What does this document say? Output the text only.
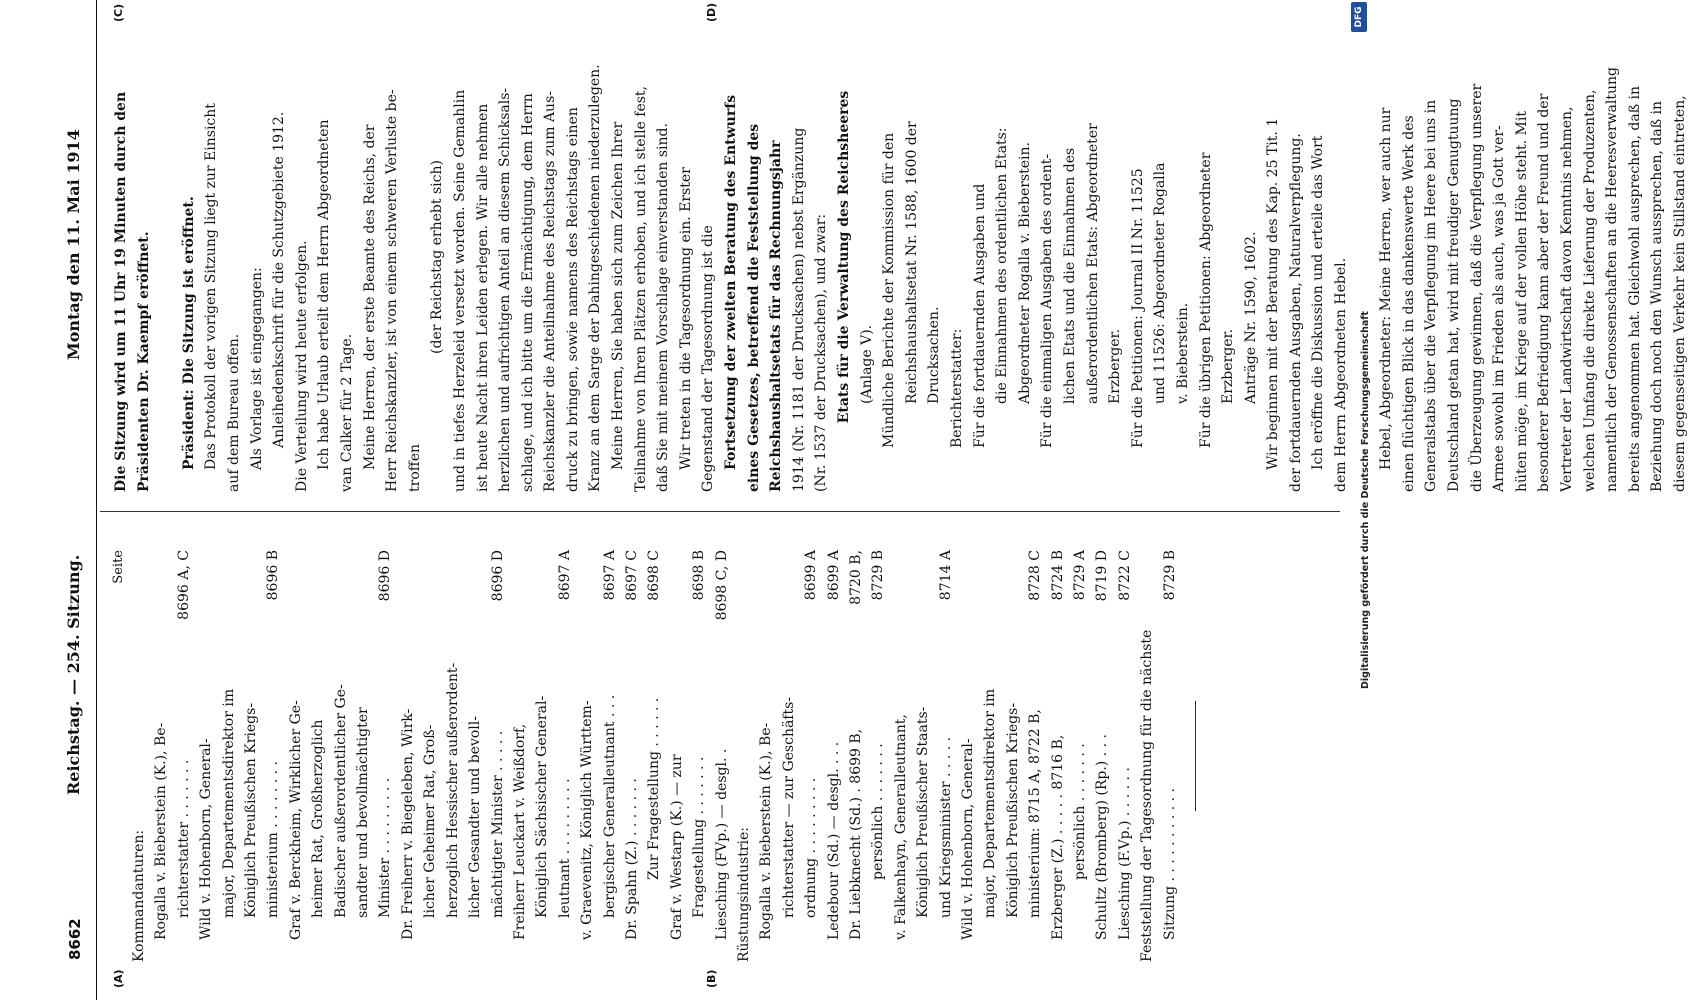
8662
Reichstag. — 254. Sitzung.
Montag den 11. Mai 1914
(A)	(B)
(C)	(D)
Seite
Kommandanturen: Rogalla v. Bieberstein (K.), Be- richterstatter . . . . . . .
8696 A, C
Wild v. Hohenborn, General- major, Departementsdirektor im Königlich Preußischen Kriegs- ministerium . . . . . . . .
8696 B
Graf v. Berckheim, Wirklicher Ge- heimer Rat, Großherzoglich Badischer außerordentlicher Ge- sandter und bevollmächtigter Minister . . . . . . . . .
8696 D
Dr. Freiherr v. Biegeleben, Wirk- licher Geheimer Rat, Groß- herzoglich Hessischer außerordent- licher Gesandter und bevoll- mächtigter Minister . . . . .
8696 D
Freiherr Leuckart v. Weißdorf, Königlich Sächsischer General- leutnant . . . . . . . . .
8697 A
v. Graevenitz, Königlich Württem- bergischer Generalleutnant . . .
8697 A
Dr. Spahn (Z.) . . . . . . .
8697 C
Zur Fragestellung . . . . . .
8698 C
Graf v. Westarp (K.) — zur Fragestellung . . . . . . .
8698 B
Liesching (FVp.) — desgl. .
8698 C, D
Rüstungsindustrie: Rogalla v. Bieberstein (K.), Be- richterstatter — zur Geschäfts- ordnung . . . . . . . . .
8699 A
Ledebour (Sd.) — desgl. . . .
8699 A
Dr. Liebknecht (Sd.) . 8699 B,
8720 B,
persönlich . . . . . . .
8729 B
v. Falkenhayn, Generalleutnant, Königlich Preußischer Staats- und Kriegsminister . . . . .
8714 A
Wild v. Hohenborn, General- major, Departementsdirektor im Königlich Preußischen Kriegs- ministerium: 8715 A, 8722 B,
8728 C
Erzberger (Z.) . . . . . 8716 B,
8724 B
persönlich . . . . . . .
8729 A
Schultz (Bromberg) (Rp.) . . .
8719 D
Liesching (F.Vp.) . . . . . .
8722 C
Feststellung der Tagesordnung für die nächste Sitzung . . . . . . . . . . .
8729 B
Die Sitzung wird um 11 Uhr 19 Minuten durch den Präsidenten Dr. Kaempf eröffnet.
Präsident: Die Sitzung ist eröffnet. Das Protokoll der vorigen Sitzung liegt zur Einsicht auf dem Bureau offen. Als Vorlage ist eingegangen: Anleihedenkschrift für die Schutzgebiete 1912. Die Verteilung wird heute erfolgen. Ich habe Urlaub erteilt dem Herrn Abgeordneten van Calker für 2 Tage. Meine Herren, der erste Beamte des Reichs, der Herr Reichskanzler, ist von einem schweren Verluste be- troffen
(der Reichstag erhebt sich) und in tiefes Herzeleid versetzt worden. Seine Gemahlin ist heute Nacht ihren Leiden erlegen. Wir alle nehmen herzlichen und aufrichtigen Anteil an diesem Schicksals- schlage, und ich bitte um die Ermächtigung, dem Herrn Reichskanzler die Anteilnahme des Reichstags zum Aus- druck zu bringen, sowie namens des Reichstags einen Kranz an dem Sarge der Dahingeschiedenen niederzulegen. Meine Herren, Sie haben sich zum Zeichen Ihrer Teilnahme von Ihren Plätzen erhoben, und ich stelle fest, daß Sie mit meinem Vorschlage einverstanden sind. Wir treten in die Tagesordnung ein. Erster Gegenstand der Tagesordnung ist die Fortsetzung der zweiten Beratung des Entwurfs eines Gesetzes, betreffend die Feststellung des Reichshaushaltsetats für das Rechnungsjahr 1914 (Nr. 1181 der Drucksachen) nebst Ergänzung (Nr. 1537 der Drucksachen), und zwar: Etats für die Verwaltung des Reichsheeres (Anlage V). Mündliche Berichte der Kommission für den Reichshaushaltsetat Nr. 1588, 1600 der Drucksachen. Berichterstatter: Für die fortdauernden Ausgaben und die Einnahmen des ordentlichen Etats: Abgeordneter Rogalla v. Bieberstein. Für die einmaligen Ausgaben des ordent- lichen Etats und die Einnahmen des außerordentlichen Etats: Abgeordneter Erzberger. Für die Petitionen: Journal II Nr. 11525 und 11526: Abgeordneter Rogalla v. Bieberstein. Für die übrigen Petitionen: Abgeordneter Erzberger. Anträge Nr. 1590, 1602. Wir beginnen mit der Beratung des Kap. 25 Tit. 1 der fortdauernden Ausgaben, Naturalverpflegung. Ich eröffne die Diskussion und erteile das Wort dem Herrn Abgeordneten Hebel.
Hebel, Abgeordneter: Meine Herren, wer auch nur einen flüchtigen Blick in das dankenswerte Werk des Generalstabs über die Verpflegung im Heere bei uns in Deutschland getan hat, wird mit freudiger Genugtuung die Überzeugung gewinnen, daß die Verpflegung unserer Armee sowohl im Frieden als auch, was ja Gott ver- hüten möge, im Kriege auf der vollen Höhe steht. Mit besonderer Befriedigung kann aber der Freund und der Vertreter der Landwirtschaft davon Kenntnis nehmen, welchen Umfang die direkte Lieferung der Produzenten, namentlich der Genossenschaften an die Heeresverwaltung bereits angenommen hat. Gleichwohl ausprechen, daß in Beziehung doch noch den Wunsch aussprechen, daß in diesem gegenseitigen Verkehr kein Stillstand eintreten,
Digitalisierung gefördert durch die Deutsche Forschungsgemeinschaft
DFG
